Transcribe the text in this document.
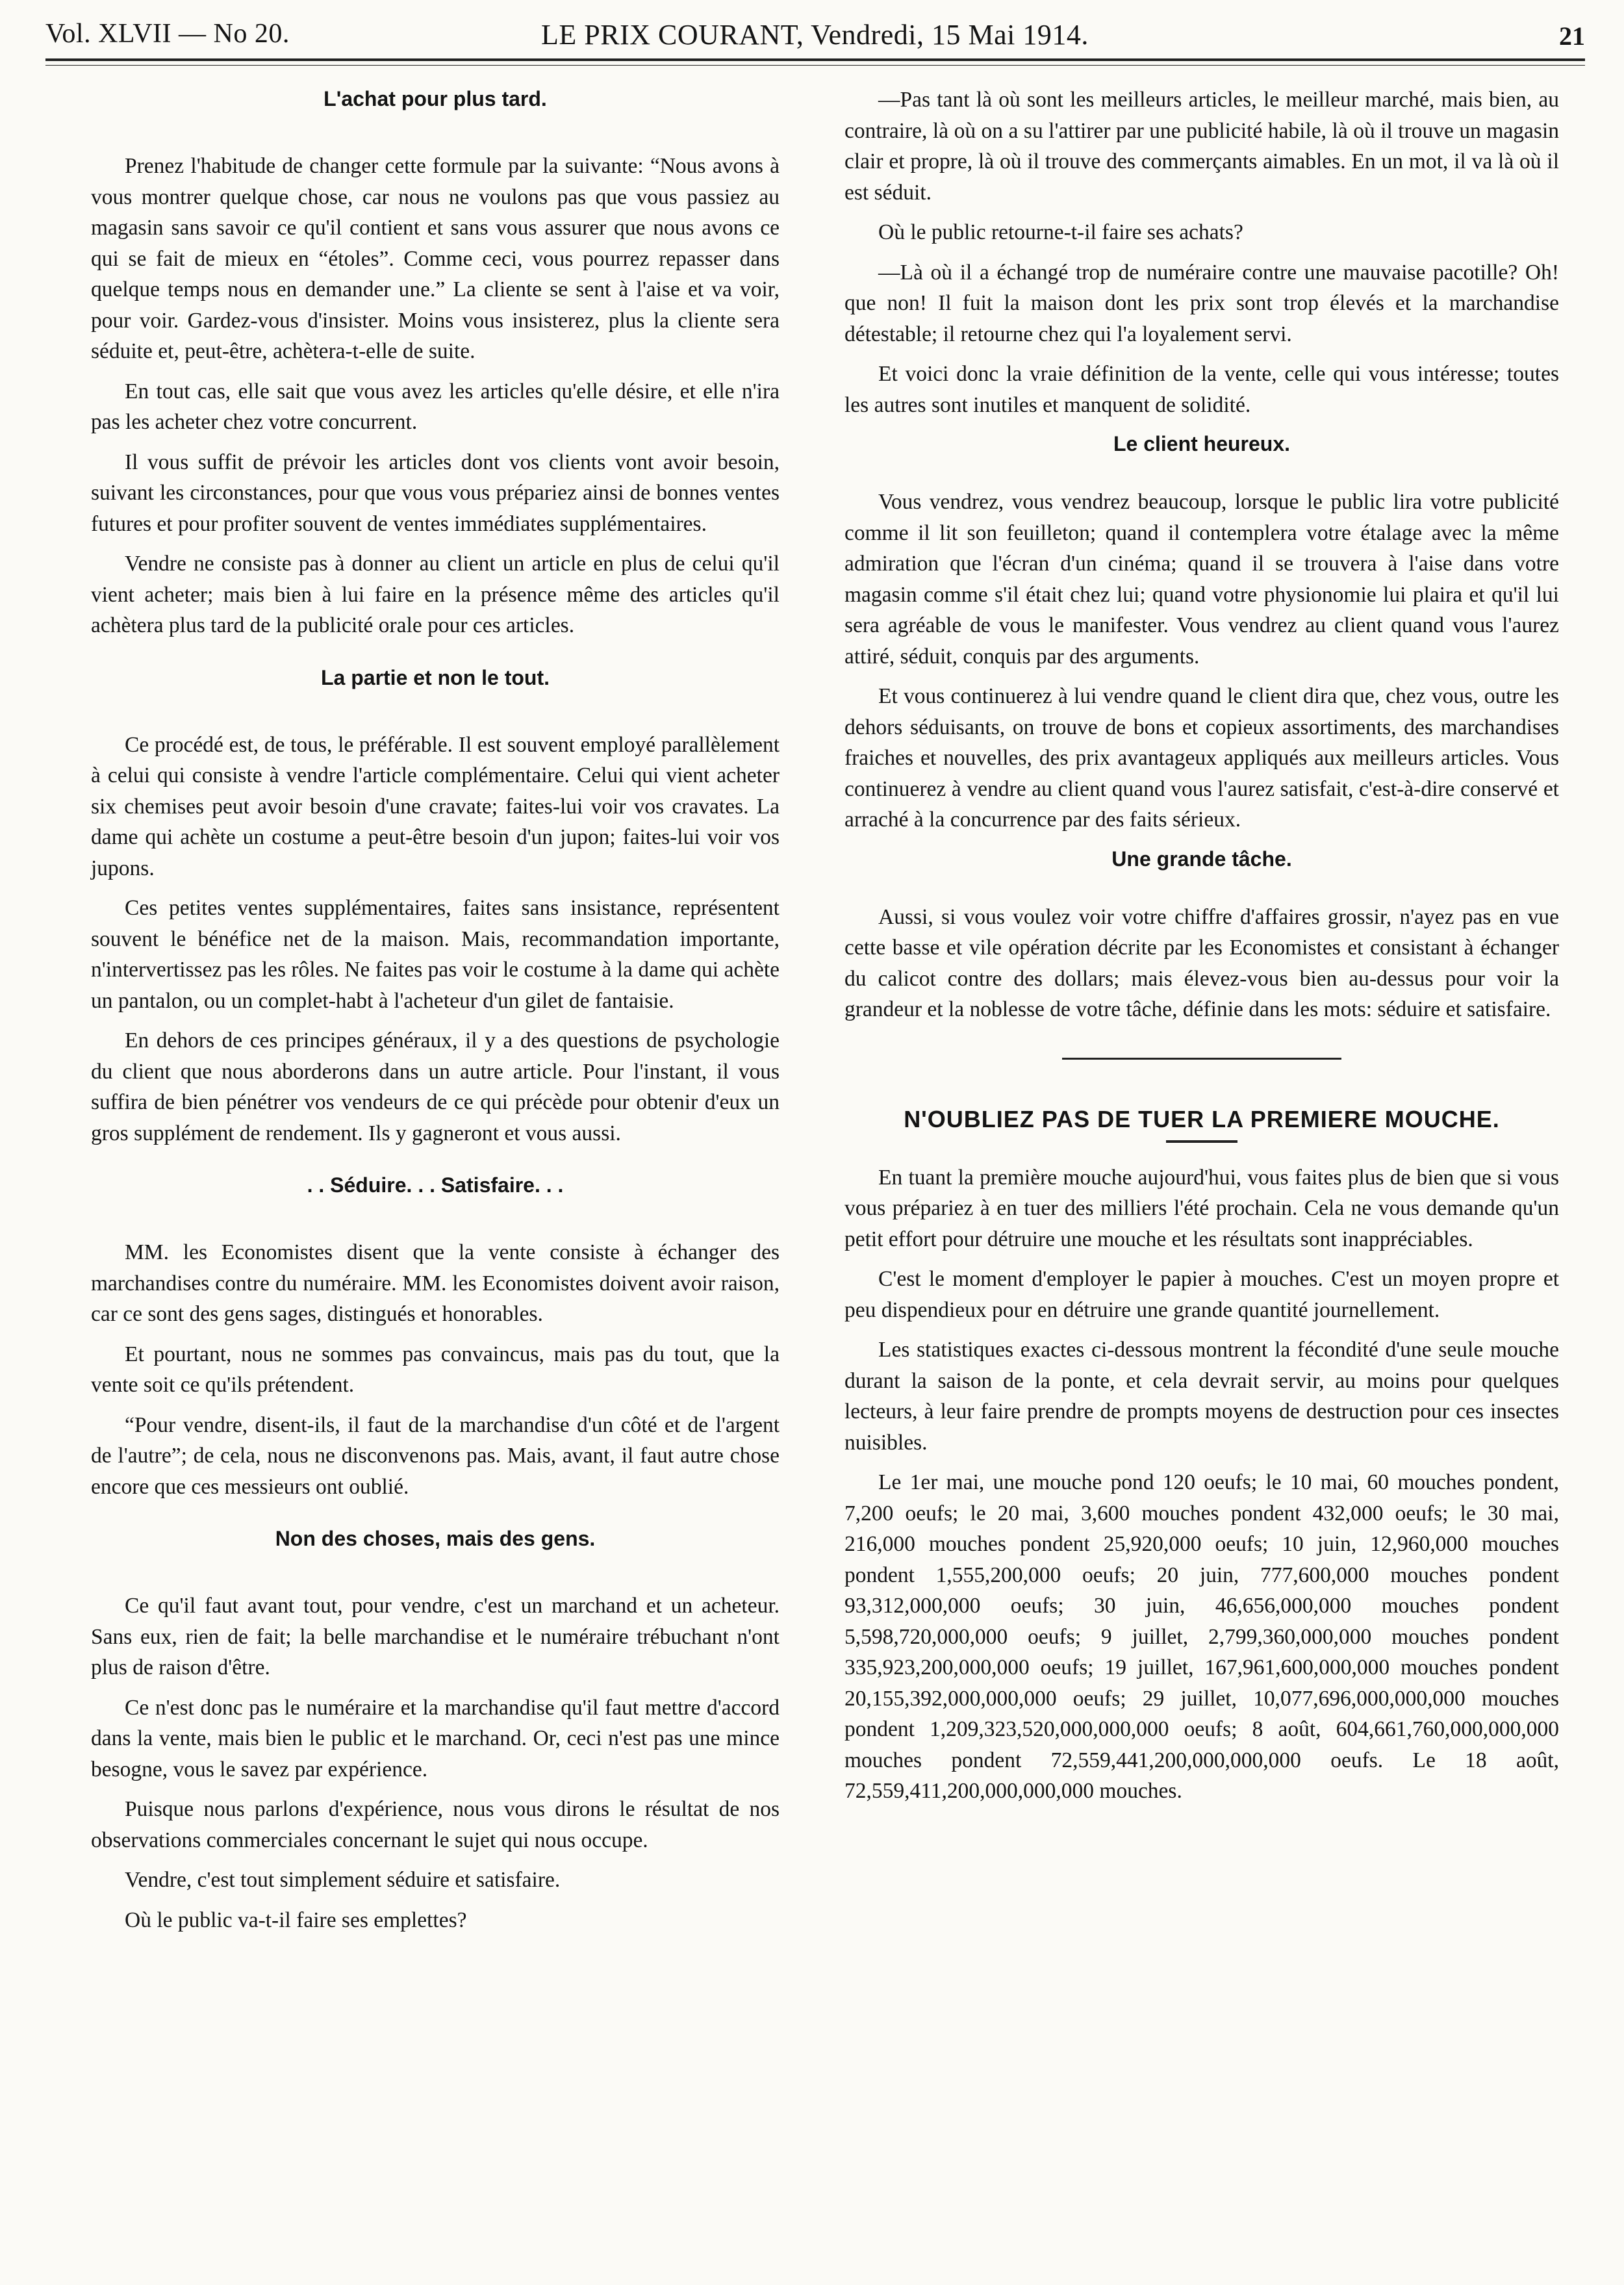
Vol. XLVII — No 20.	LE PRIX COURANT, Vendredi, 15 Mai 1914.	21
L'achat pour plus tard.

Prenez l'habitude de changer cette formule par la suivante: “Nous avons à vous montrer quelque chose, car nous ne voulons pas que vous passiez au magasin sans savoir ce qu'il contient et sans vous assurer que nous avons ce qui se fait de mieux en “étoles”. Comme ceci, vous pourrez repasser dans quelque temps nous en demander une.” La cliente se sent à l'aise et va voir, pour voir. Gardez-vous d'insister. Moins vous insisterez, plus la cliente sera séduite et, peut-être, achètera-t-elle de suite.

En tout cas, elle sait que vous avez les articles qu'elle désire, et elle n'ira pas les acheter chez votre concurrent.

Il vous suffit de prévoir les articles dont vos clients vont avoir besoin, suivant les circonstances, pour que vous vous prépariez ainsi de bonnes ventes futures et pour profiter souvent de ventes immédiates supplémentaires.

Vendre ne consiste pas à donner au client un article en plus de celui qu'il vient acheter; mais bien à lui faire en la présence même des articles qu'il achètera plus tard de la publicité orale pour ces articles.

La partie et non le tout.

Ce procédé est, de tous, le préférable. Il est souvent employé parallèlement à celui qui consiste à vendre l'article complémentaire. Celui qui vient acheter six chemises peut avoir besoin d'une cravate; faites-lui voir vos cravates. La dame qui achète un costume a peut-être besoin d'un jupon; faites-lui voir vos jupons.

Ces petites ventes supplémentaires, faites sans insistance, représentent souvent le bénéfice net de la maison. Mais, recommandation importante, n'intervertissez pas les rôles. Ne faites pas voir le costume à la dame qui achète un pantalon, ou un complet-habt à l'acheteur d'un gilet de fantaisie.

En dehors de ces principes généraux, il y a des questions de psychologie du client que nous aborderons dans un autre article. Pour l'instant, il vous suffira de bien pénétrer vos vendeurs de ce qui précède pour obtenir d'eux un gros supplément de rendement. Ils y gagneront et vous aussi.

. . Séduire. . . Satisfaire. . .

MM. les Economistes disent que la vente consiste à échanger des marchandises contre du numéraire. MM. les Economistes doivent avoir raison, car ce sont des gens sages, distingués et honorables.

Et pourtant, nous ne sommes pas convaincus, mais pas du tout, que la vente soit ce qu'ils prétendent.

“Pour vendre, disent-ils, il faut de la marchandise d'un côté et de l'argent de l'autre”; de cela, nous ne disconvenons pas. Mais, avant, il faut autre chose encore que ces messieurs ont oublié.

Non des choses, mais des gens.

Ce qu'il faut avant tout, pour vendre, c'est un marchand et un acheteur. Sans eux, rien de fait; la belle marchandise et le numéraire trébuchant n'ont plus de raison d'être.

Ce n'est donc pas le numéraire et la marchandise qu'il faut mettre d'accord dans la vente, mais bien le public et le marchand. Or, ceci n'est pas une mince besogne, vous le savez par expérience.

Puisque nous parlons d'expérience, nous vous dirons le résultat de nos observations commerciales concernant le sujet qui nous occupe.

Vendre, c'est tout simplement séduire et satisfaire.

Où le public va-t-il faire ses emplettes?

—Pas tant là où sont les meilleurs articles, le meilleur marché, mais bien, au contraire, là où on a su l'attirer par une publicité habile, là où il trouve un magasin clair et propre, là où il trouve des commerçants aimables. En un mot, il va là où il est séduit.

Où le public retourne-t-il faire ses achats?

—Là où il a échangé trop de numéraire contre une mauvaise pacotille? Oh! que non! Il fuit la maison dont les prix sont trop élevés et la marchandise détestable; il retourne chez qui l'a loyalement servi.

Et voici donc la vraie définition de la vente, celle qui vous intéresse; toutes les autres sont inutiles et manquent de solidité.

Le client heureux.

Vous vendrez, vous vendrez beaucoup, lorsque le public lira votre publicité comme il lit son feuilleton; quand il contemplera votre étalage avec la même admiration que l'écran d'un cinéma; quand il se trouvera à l'aise dans votre magasin comme s'il était chez lui; quand votre physionomie lui plaira et qu'il lui sera agréable de vous le manifester. Vous vendrez au client quand vous l'aurez attiré, séduit, conquis par des arguments.

Et vous continuerez à lui vendre quand le client dira que, chez vous, outre les dehors séduisants, on trouve de bons et copieux assortiments, des marchandises fraiches et nouvelles, des prix avantageux appliqués aux meilleurs articles. Vous continuerez à vendre au client quand vous l'aurez satisfait, c'est-à-dire conservé et arraché à la concurrence par des faits sérieux.

Une grande tâche.

Aussi, si vous voulez voir votre chiffre d'affaires grossir, n'ayez pas en vue cette basse et vile opération décrite par les Economistes et consistant à échanger du calicot contre des dollars; mais élevez-vous bien au-dessus pour voir la grandeur et la noblesse de votre tâche, définie dans les mots: séduire et satisfaire.

N'OUBLIEZ PAS DE TUER LA PREMIERE MOUCHE.

En tuant la première mouche aujourd'hui, vous faites plus de bien que si vous vous prépariez à en tuer des milliers l'été prochain. Cela ne vous demande qu'un petit effort pour détruire une mouche et les résultats sont inappréciables.

C'est le moment d'employer le papier à mouches. C'est un moyen propre et peu dispendieux pour en détruire une grande quantité journellement.

Les statistiques exactes ci-dessous montrent la fécondité d'une seule mouche durant la saison de la ponte, et cela devrait servir, au moins pour quelques lecteurs, à leur faire prendre de prompts moyens de destruction pour ces insectes nuisibles.

Le 1er mai, une mouche pond 120 oeufs; le 10 mai, 60 mouches pondent, 7,200 oeufs; le 20 mai, 3,600 mouches pondent 432,000 oeufs; le 30 mai, 216,000 mouches pondent 25,920,000 oeufs; 10 juin, 12,960,000 mouches pondent 1,555,200,000 oeufs; 20 juin, 777,600,000 mouches pondent 93,312,000,000 oeufs; 30 juin, 46,656,000,000 mouches pondent 5,598,720,000,000 oeufs; 9 juillet, 2,799,360,000,000 mouches pondent 335,923,200,000,000 oeufs; 19 juillet, 167,961,600,000,000 mouches pondent 20,155,392,000,000,000 oeufs; 29 juillet, 10,077,696,000,000,000 mouches pondent 1,209,323,520,000,000,000 oeufs; 8 août, 604,661,760,000,000,000 mouches pondent 72,559,441,200,000,000,000 oeufs. Le 18 août, 72,559,411,200,000,000,000 mouches.
